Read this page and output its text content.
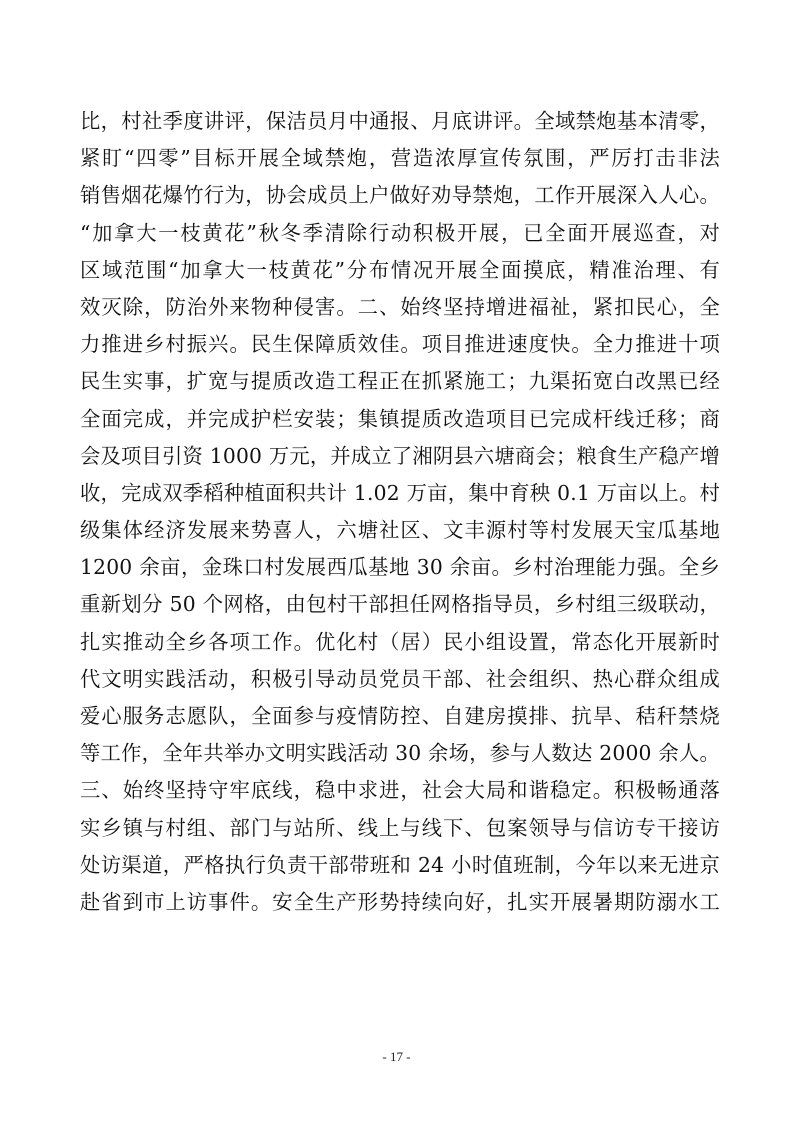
比，村社季度讲评，保洁员月中通报、月底讲评。全域禁炮基本清零，
紧盯“四零”目标开展全域禁炮，营造浓厚宣传氛围，严厉打击非法
销售烟花爆竹行为，协会成员上户做好劝导禁炮，工作开展深入人心。
“加拿大一枝黄花”秋冬季清除行动积极开展，已全面开展巡查，对
区域范围“加拿大一枝黄花”分布情况开展全面摸底，精准治理、有
效灭除，防治外来物种侵害。二、始终坚持增进福祉，紧扣民心，全
力推进乡村振兴。民生保障质效佳。项目推进速度快。全力推进十项
民生实事，扩宽与提质改造工程正在抓紧施工；九渠拓宽白改黑已经
全面完成，并完成护栏安装；集镇提质改造项目已完成杆线迁移；商
会及项目引资 1000 万元，并成立了湘阴县六塘商会；粮食生产稳产增
收，完成双季稻种植面积共计 1.02 万亩，集中育秧 0.1 万亩以上。村
级集体经济发展来势喜人，六塘社区、文丰源村等村发展天宝瓜基地
1200 余亩，金珠口村发展西瓜基地 30 余亩。乡村治理能力强。全乡
重新划分 50 个网格，由包村干部担任网格指导员，乡村组三级联动，
扎实推动全乡各项工作。优化村（居）民小组设置，常态化开展新时
代文明实践活动，积极引导动员党员干部、社会组织、热心群众组成
爱心服务志愿队，全面参与疫情防控、自建房摸排、抗旱、秸秆禁烧
等工作，全年共举办文明实践活动 30 余场，参与人数达 2000 余人。
三、始终坚持守牢底线，稳中求进，社会大局和谐稳定。积极畅通落
实乡镇与村组、部门与站所、线上与线下、包案领导与信访专干接访
处访渠道，严格执行负责干部带班和 24 小时值班制，今年以来无进京
赴省到市上访事件。安全生产形势持续向好，扎实开展暑期防溺水工
- 17 -
